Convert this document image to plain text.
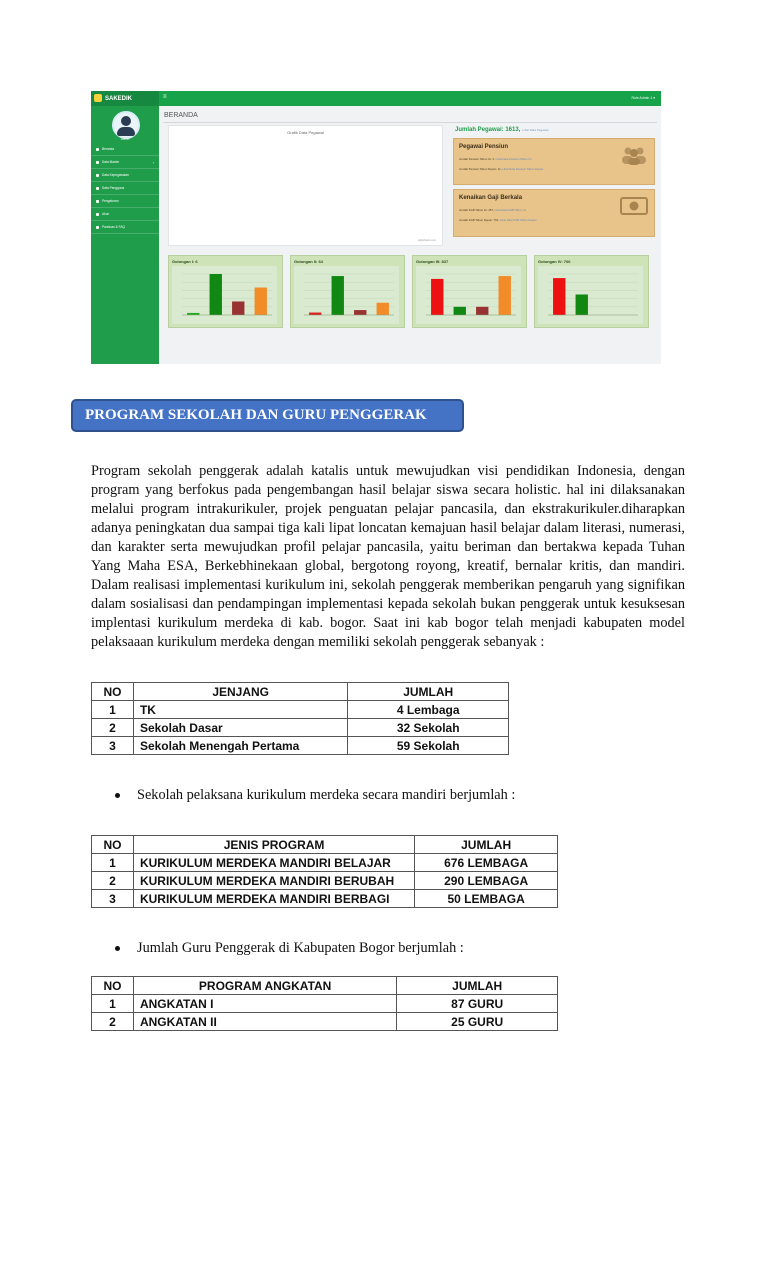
SAKEDIK
Admin
Beranda
Data Master	‹
Data Kepegawaian
Data Pengguna
Pengaturan
Akun
Panduan & FAQ
≡	Role Admin 1 ▾
BERANDA
Grafik Data Pegawai
Highcharts.com
Jumlah Pegawai: 1613, Lihat Data Pegawai
Pegawai Pensiun
Jumlah Pensiun Tahun Ini: 3, Lihat Data Pensiun Tahun Ini
Jumlah Pensiun Tahun Depan: 11, Lihat Data Pensiun Tahun Depan
Kenaikan Gaji Berkala
Jumlah KGB Tahun Ini: 457, Lihat Data KGB Tahun Ini
Jumlah KGB Tahun Depan: 764, Lihat Data KGB Tahun Depan
Golongan I: 6	Golongan II: 64	Golongan III: 837	Golongan IV: 706
PROGRAM SEKOLAH DAN GURU PENGGERAK

Program sekolah penggerak adalah katalis untuk mewujudkan visi pendidikan Indonesia, dengan program yang berfokus pada pengembangan hasil belajar siswa secara holistic. hal ini dilaksanakan melalui program intrakurikuler, projek penguatan pelajar pancasila, dan ekstrakurikuler.diharapkan adanya peningkatan dua sampai tiga kali lipat loncatan kemajuan hasil belajar dalam literasi, numerasi, dan karakter serta mewujudkan profil pelajar pancasila, yaitu beriman dan bertakwa kepada Tuhan Yang Maha ESA, Berkebhinekaan global, bergotong royong, kreatif, bernalar kritis, dan mandiri. Dalam realisasi implementasi kurikulum ini, sekolah penggerak memberikan pengaruh yang signifikan dalam sosialisasi dan pendampingan implementasi kepada sekolah bukan penggerak untuk kesuksesan implentasi kurikulum merdeka di kab. bogor. Saat ini kab bogor telah menjadi kabupaten model pelaksaaan kurikulum merdeka dengan memiliki sekolah penggerak sebanyak :

NO	JENJANG	JUMLAH
1	TK	4 Lembaga
2	Sekolah Dasar	32 Sekolah
3	Sekolah Menengah Pertama	59 Sekolah
Sekolah pelaksana kurikulum merdeka secara mandiri berjumlah :
NO	JENIS PROGRAM	JUMLAH
1	KURIKULUM MERDEKA MANDIRI BELAJAR	676 LEMBAGA
2	KURIKULUM MERDEKA MANDIRI BERUBAH	290 LEMBAGA
3	KURIKULUM MERDEKA MANDIRI BERBAGI	50 LEMBAGA
Jumlah Guru Penggerak di Kabupaten Bogor berjumlah :
NO	PROGRAM ANGKATAN	JUMLAH
1	ANGKATAN I	87 GURU
2	ANGKATAN II	25 GURU
